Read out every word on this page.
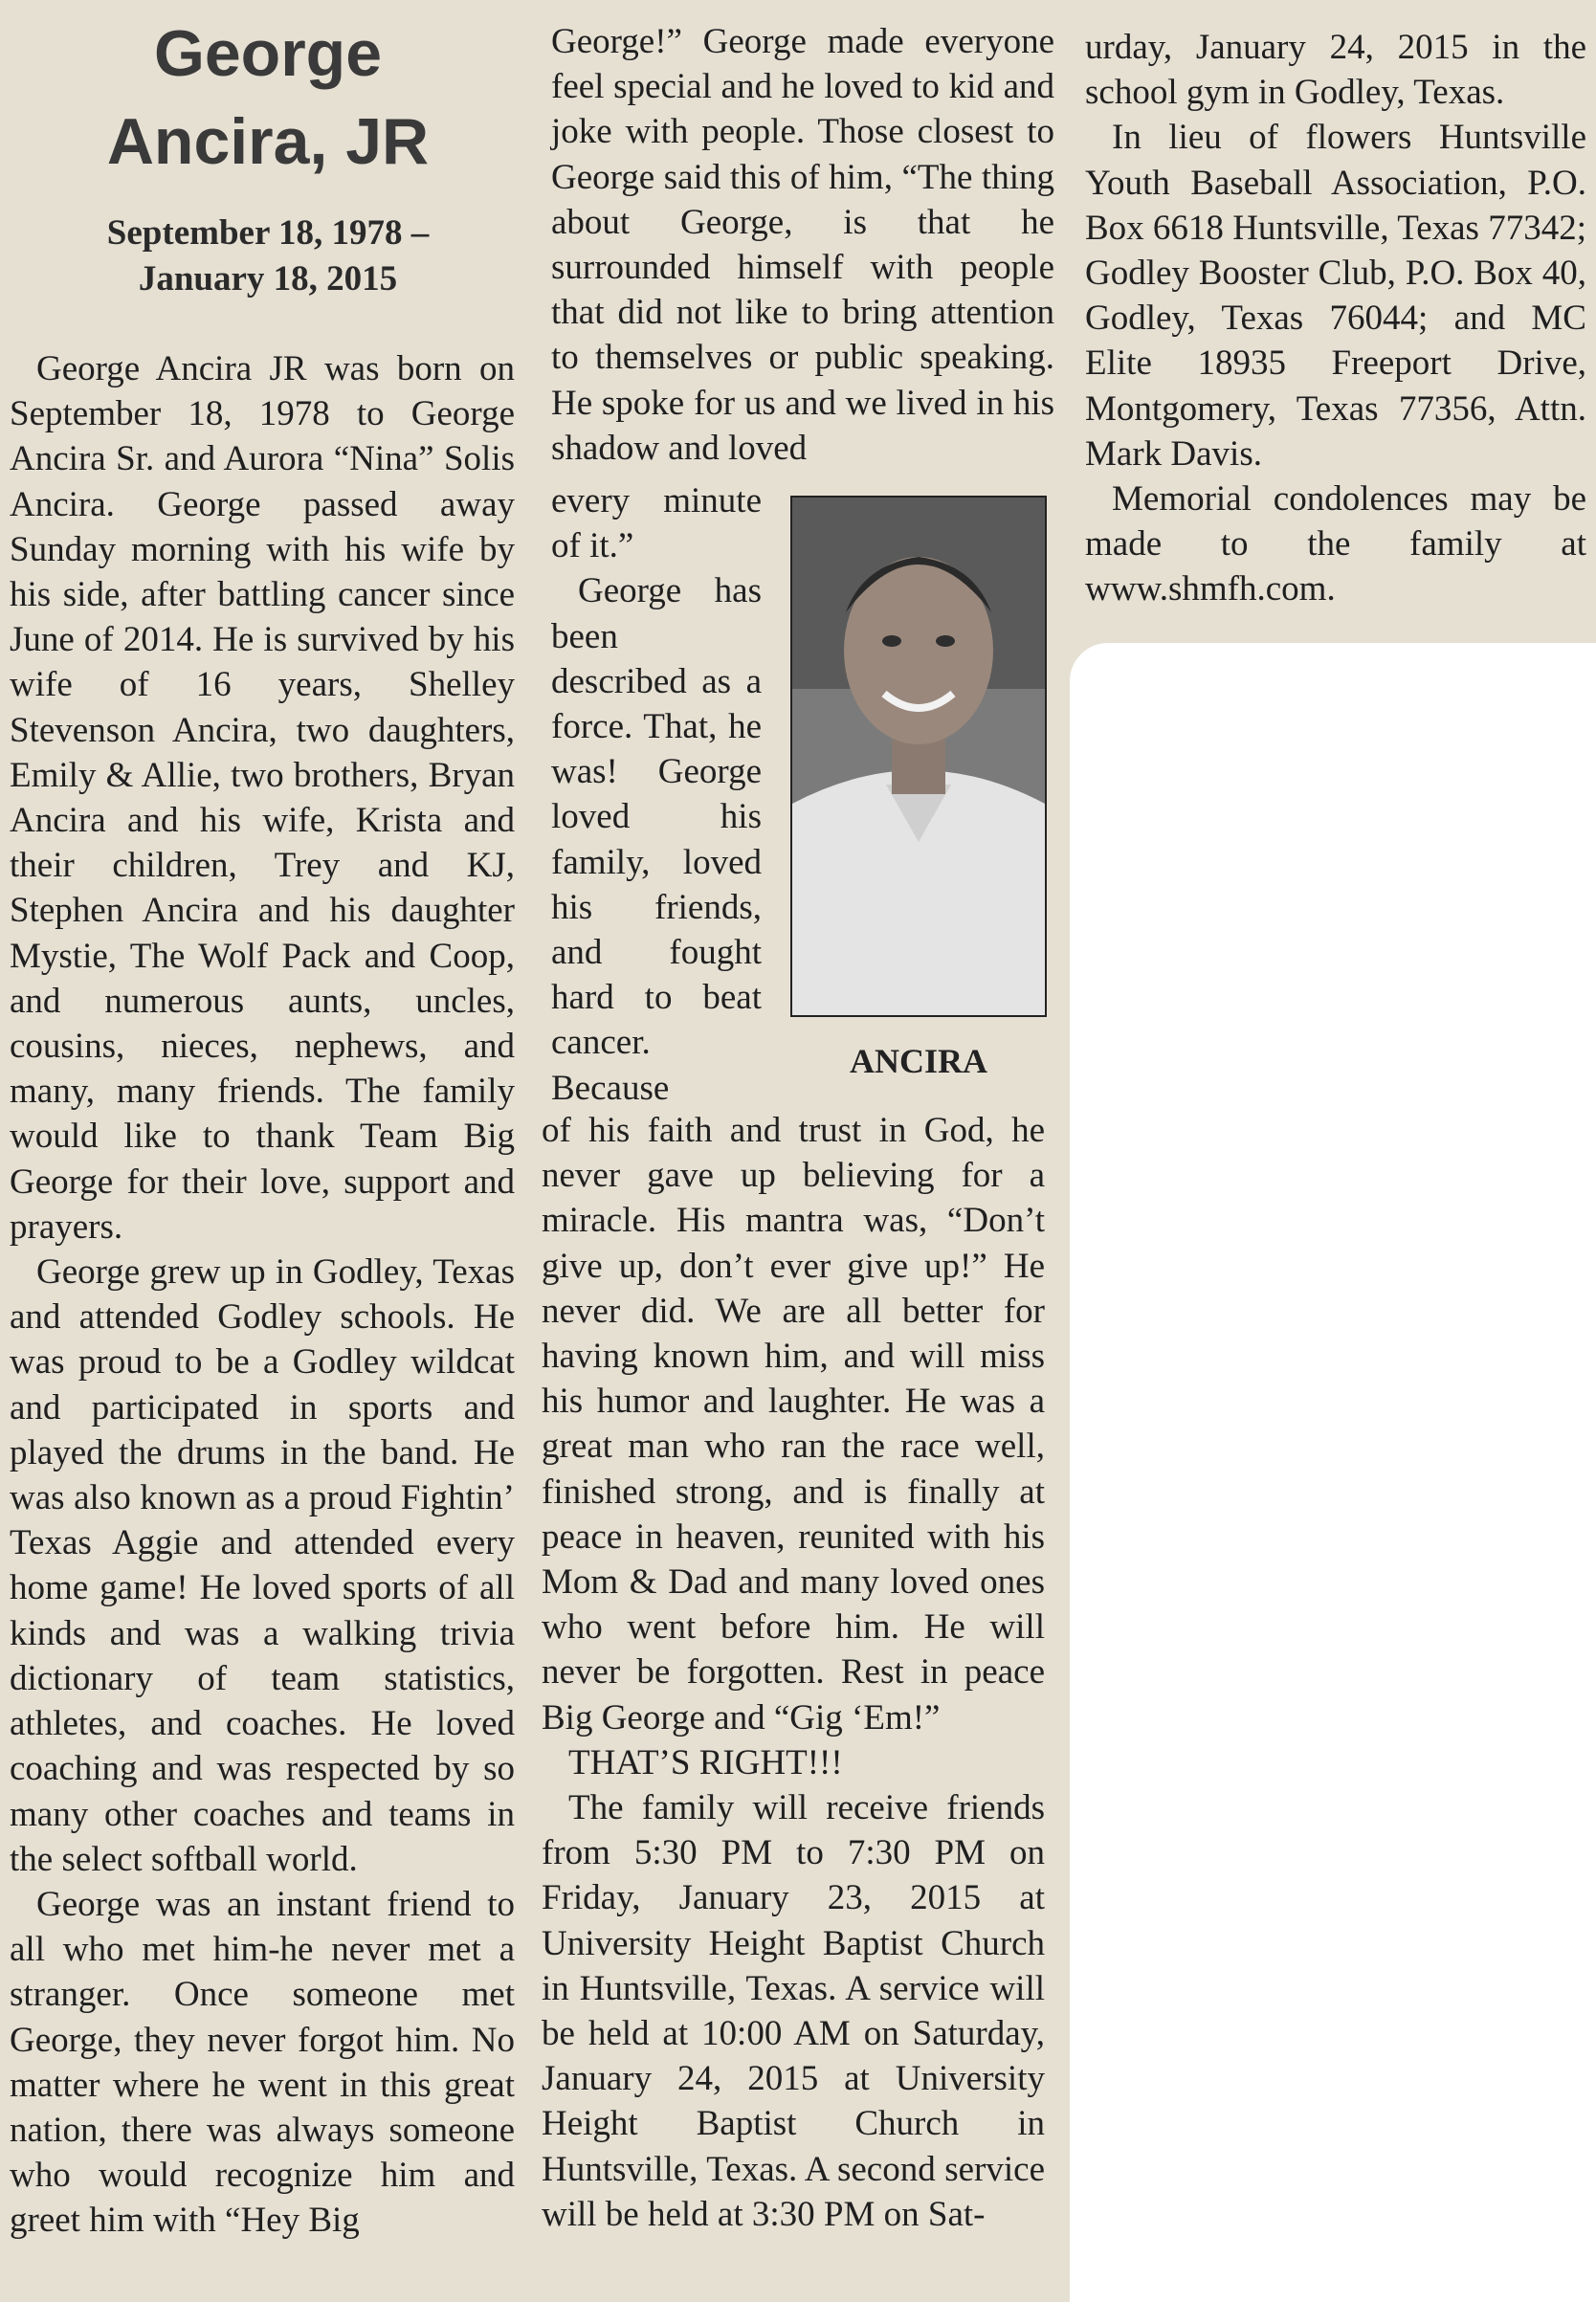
George
Ancira, JR
September 18, 1978 –
January 18, 2015

George Ancira JR was born on September 18, 1978 to George Ancira Sr. and Aurora “Nina” Solis Ancira. George passed away Sunday morning with his wife by his side, after battling cancer since June of 2014. He is survived by his wife of 16 years, Shelley Stevenson Ancira, two daughters, Emily & Allie, two brothers, Bryan Ancira and his wife, Krista and their children, Trey and KJ, Stephen Ancira and his daughter Mystie, The Wolf Pack and Coop, and numerous aunts, uncles, cousins, nieces, nephews, and many, many friends. The family would like to thank Team Big George for their love, support and prayers.

George grew up in Godley, Texas and attended Godley schools. He was proud to be a Godley wildcat and participated in sports and played the drums in the band. He was also known as a proud Fightin’ Texas Aggie and attended every home game! He loved sports of all kinds and was a walking trivia dictionary of team statistics, athletes, and coaches. He loved coaching and was respected by so many other coaches and teams in the select softball world.

George was an instant friend to all who met him-he never met a stranger. Once someone met George, they never forgot him. No matter where he went in this great nation, there was always someone who would recognize him and greet him with “Hey Big

George!” George made everyone feel special and he loved to kid and joke with people. Those closest to George said this of him, “The thing about George, is that he surrounded himself with people that did not like to bring attention to themselves or public speaking. He spoke for us and we lived in his shadow and loved

every minute of it.”

George has been described as a force. That, he was! George loved his family, loved his friends, and fought hard to beat cancer. Because

ANCIRA

of his faith and trust in God, he never gave up believing for a miracle. His mantra was, “Don’t give up, don’t ever give up!” He never did. We are all better for having known him, and will miss his humor and laughter. He was a great man who ran the race well, finished strong, and is finally at peace in heaven, reunited with his Mom & Dad and many loved ones who went before him. He will never be forgotten. Rest in peace Big George and “Gig ‘Em!”

THAT’S RIGHT!!!

The family will receive friends from 5:30 PM to 7:30 PM on Friday, January 23, 2015 at University Height Baptist Church in Huntsville, Texas. A service will be held at 10:00 AM on Saturday, January 24, 2015 at University Height Baptist Church in Huntsville, Texas. A second service will be held at 3:30 PM on Sat-

urday, January 24, 2015 in the school gym in Godley, Texas.

In lieu of flowers Huntsville Youth Baseball Association, P.O. Box 6618 Huntsville, Texas 77342; Godley Booster Club, P.O. Box 40, Godley, Texas 76044; and MC Elite 18935 Freeport Drive, Montgomery, Texas 77356, Attn. Mark Davis.

Memorial condolences may be made to the family at www.shmfh.com.
